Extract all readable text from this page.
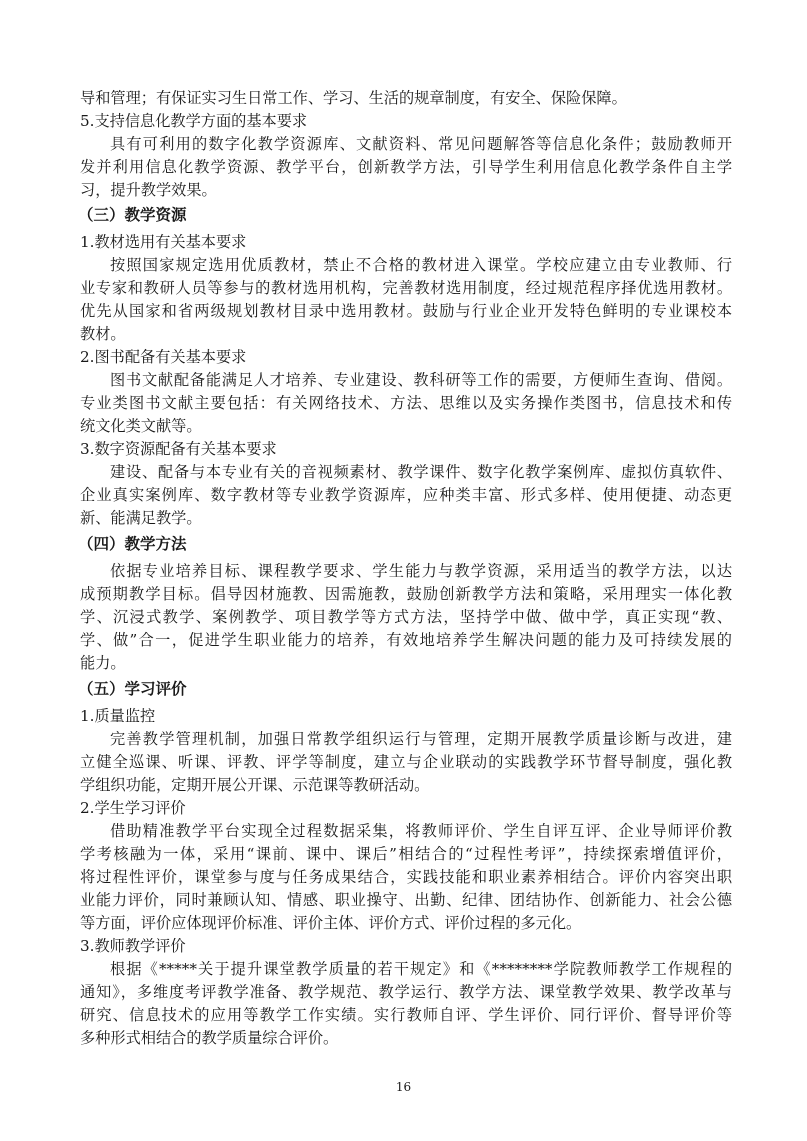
导和管理；有保证实习生日常工作、学习、生活的规章制度，有安全、保险保障。

5.支持信息化教学方面的基本要求

具有可利用的数字化教学资源库、文献资料、常见问题解答等信息化条件；鼓励教师开

发并利用信息化教学资源、教学平台，创新教学方法，引导学生利用信息化教学条件自主学

习，提升教学效果。

（三）教学资源

1.教材选用有关基本要求

按照国家规定选用优质教材，禁止不合格的教材进入课堂。学校应建立由专业教师、行

业专家和教研人员等参与的教材选用机构，完善教材选用制度，经过规范程序择优选用教材。

优先从国家和省两级规划教材目录中选用教材。鼓励与行业企业开发特色鲜明的专业课校本

教材。

2.图书配备有关基本要求

图书文献配备能满足人才培养、专业建设、教科研等工作的需要，方便师生查询、借阅。

专业类图书文献主要包括：有关网络技术、方法、思维以及实务操作类图书，信息技术和传

统文化类文献等。

3.数字资源配备有关基本要求

建设、配备与本专业有关的音视频素材、教学课件、数字化教学案例库、虚拟仿真软件、

企业真实案例库、数字教材等专业教学资源库，应种类丰富、形式多样、使用便捷、动态更

新、能满足教学。

（四）教学方法

依据专业培养目标、课程教学要求、学生能力与教学资源，采用适当的教学方法，以达

成预期教学目标。倡导因材施教、因需施教，鼓励创新教学方法和策略，采用理实一体化教

学、沉浸式教学、案例教学、项目教学等方式方法，坚持学中做、做中学，真正实现“教、

学、做”合一，促进学生职业能力的培养，有效地培养学生解决问题的能力及可持续发展的

能力。

（五）学习评价

1.质量监控

完善教学管理机制，加强日常教学组织运行与管理，定期开展教学质量诊断与改进，建

立健全巡课、听课、评教、评学等制度，建立与企业联动的实践教学环节督导制度，强化教

学组织功能，定期开展公开课、示范课等教研活动。

2.学生学习评价

借助精准教学平台实现全过程数据采集，将教师评价、学生自评互评、企业导师评价教

学考核融为一体，采用“课前、课中、课后”相结合的“过程性考评”，持续探索增值评价，

将过程性评价，课堂参与度与任务成果结合，实践技能和职业素养相结合。评价内容突出职

业能力评价，同时兼顾认知、情感、职业操守、出勤、纪律、团结协作、创新能力、社会公德

等方面，评价应体现评价标准、评价主体、评价方式、评价过程的多元化。

3.教师教学评价

根据《*****关于提升课堂教学质量的若干规定》和《********学院教师教学工作规程的

通知》，多维度考评教学准备、教学规范、教学运行、教学方法、课堂教学效果、教学改革与

研究、信息技术的应用等教学工作实绩。实行教师自评、学生评价、同行评价、督导评价等

多种形式相结合的教学质量综合评价。

16
